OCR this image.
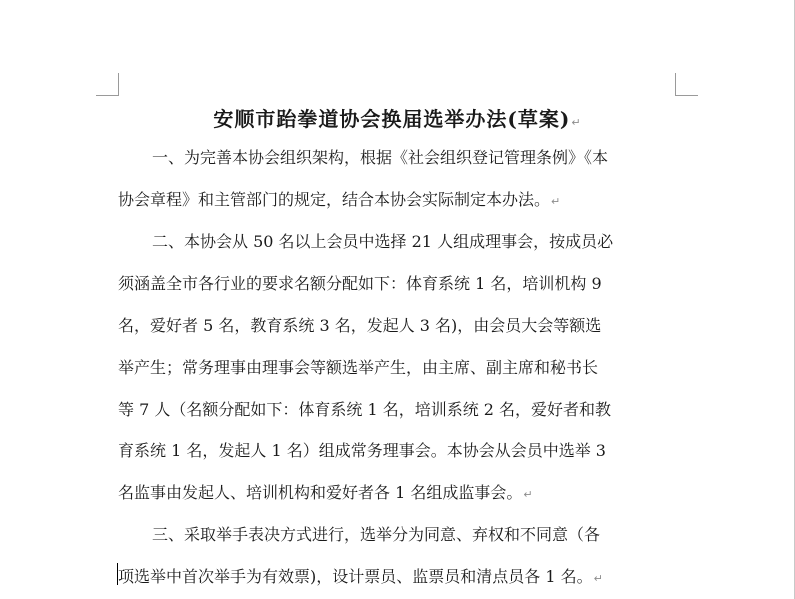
安顺市跆拳道协会换届选举办法(草案)↵
一、为完善本协会组织架构，根据《社会组织登记管理条例》《本
协会章程》和主管部门的规定，结合本协会实际制定本办法。↵
二、本协会从 50 名以上会员中选择 21 人组成理事会，按成员必
须涵盖全市各行业的要求名额分配如下：体育系统 1 名，培训机构 9
名，爱好者 5 名，教育系统 3 名，发起人 3 名)，由会员大会等额选
举产生；常务理事由理事会等额选举产生，由主席、副主席和秘书长
等 7 人（名额分配如下：体育系统 1 名，培训系统 2 名，爱好者和教
育系统 1 名，发起人 1 名）组成常务理事会。本协会从会员中选举 3
名监事由发起人、培训机构和爱好者各 1 名组成监事会。↵
三、采取举手表决方式进行，选举分为同意、弃权和不同意（各
项选举中首次举手为有效票)，设计票员、监票员和清点员各 1 名。↵
